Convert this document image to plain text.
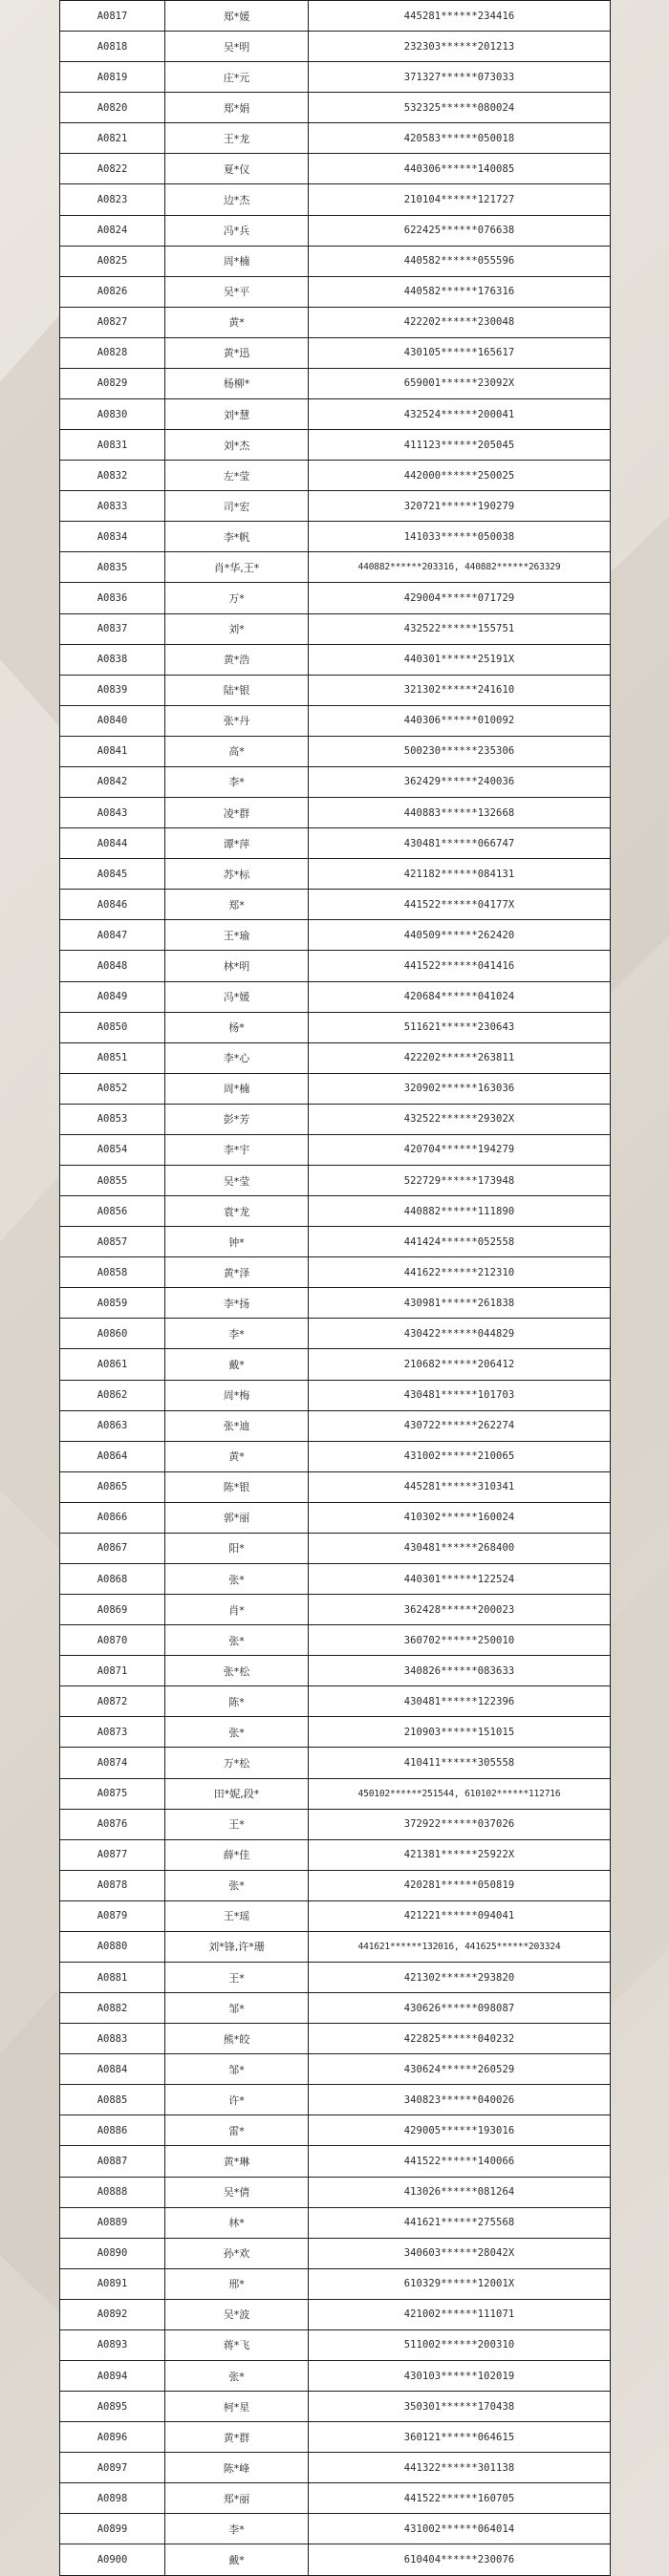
A0817	郑*媛	445281******234416
A0818	吴*明	232303******201213
A0819	庄*元	371327******073033
A0820	郑*娟	532325******080024
A0821	王*龙	420583******050018
A0822	夏*仪	440306******140085
A0823	边*杰	210104******121727
A0824	冯*兵	622425******076638
A0825	周*楠	440582******055596
A0826	吴*平	440582******176316
A0827	黄*	422202******230048
A0828	黄*迅	430105******165617
A0829	杨柳*	659001******23092X
A0830	刘*慧	432524******200041
A0831	刘*杰	411123******205045
A0832	左*莹	442000******250025
A0833	司*宏	320721******190279
A0834	李*帆	141033******050038
A0835	肖*华,王*	440882******203316, 440882******263329
A0836	万*	429004******071729
A0837	刘*	432522******155751
A0838	黄*浩	440301******25191X
A0839	陆*银	321302******241610
A0840	张*丹	440306******010092
A0841	高*	500230******235306
A0842	李*	362429******240036
A0843	凌*群	440883******132668
A0844	谭*萍	430481******066747
A0845	苏*标	421182******084131
A0846	郑*	441522******04177X
A0847	王*瑜	440509******262420
A0848	林*明	441522******041416
A0849	冯*媛	420684******041024
A0850	杨*	511621******230643
A0851	李*心	422202******263811
A0852	周*楠	320902******163036
A0853	彭*芳	432522******29302X
A0854	李*宇	420704******194279
A0855	吴*莹	522729******173948
A0856	袁*龙	440882******111890
A0857	钟*	441424******052558
A0858	黄*泽	441622******212310
A0859	李*扬	430981******261838
A0860	李*	430422******044829
A0861	戴*	210682******206412
A0862	周*梅	430481******101703
A0863	张*迪	430722******262274
A0864	黄*	431002******210065
A0865	陈*银	445281******310341
A0866	郭*丽	410302******160024
A0867	阳*	430481******268400
A0868	张*	440301******122524
A0869	肖*	362428******200023
A0870	张*	360702******250010
A0871	张*松	340826******083633
A0872	陈*	430481******122396
A0873	张*	210903******151015
A0874	万*松	410411******305558
A0875	田*妮,段*	450102******251544, 610102******112716
A0876	王*	372922******037026
A0877	薛*佳	421381******25922X
A0878	张*	420281******050819
A0879	王*瑶	421221******094041
A0880	刘*锋,许*珊	441621******132016, 441625******203324
A0881	王*	421302******293820
A0882	邹*	430626******098087
A0883	熊*皎	422825******040232
A0884	邹*	430624******260529
A0885	许*	340823******040026
A0886	雷*	429005******193016
A0887	黄*琳	441522******140066
A0888	吴*倩	413026******081264
A0889	林*	441621******275568
A0890	孙*欢	340603******28042X
A0891	邢*	610329******12001X
A0892	吴*波	421002******111071
A0893	蒋*飞	511002******200310
A0894	张*	430103******102019
A0895	柯*星	350301******170438
A0896	黄*群	360121******064615
A0897	陈*峰	441322******301138
A0898	郑*丽	441522******160705
A0899	李*	431002******064014
A0900	戴*	610404******230076
